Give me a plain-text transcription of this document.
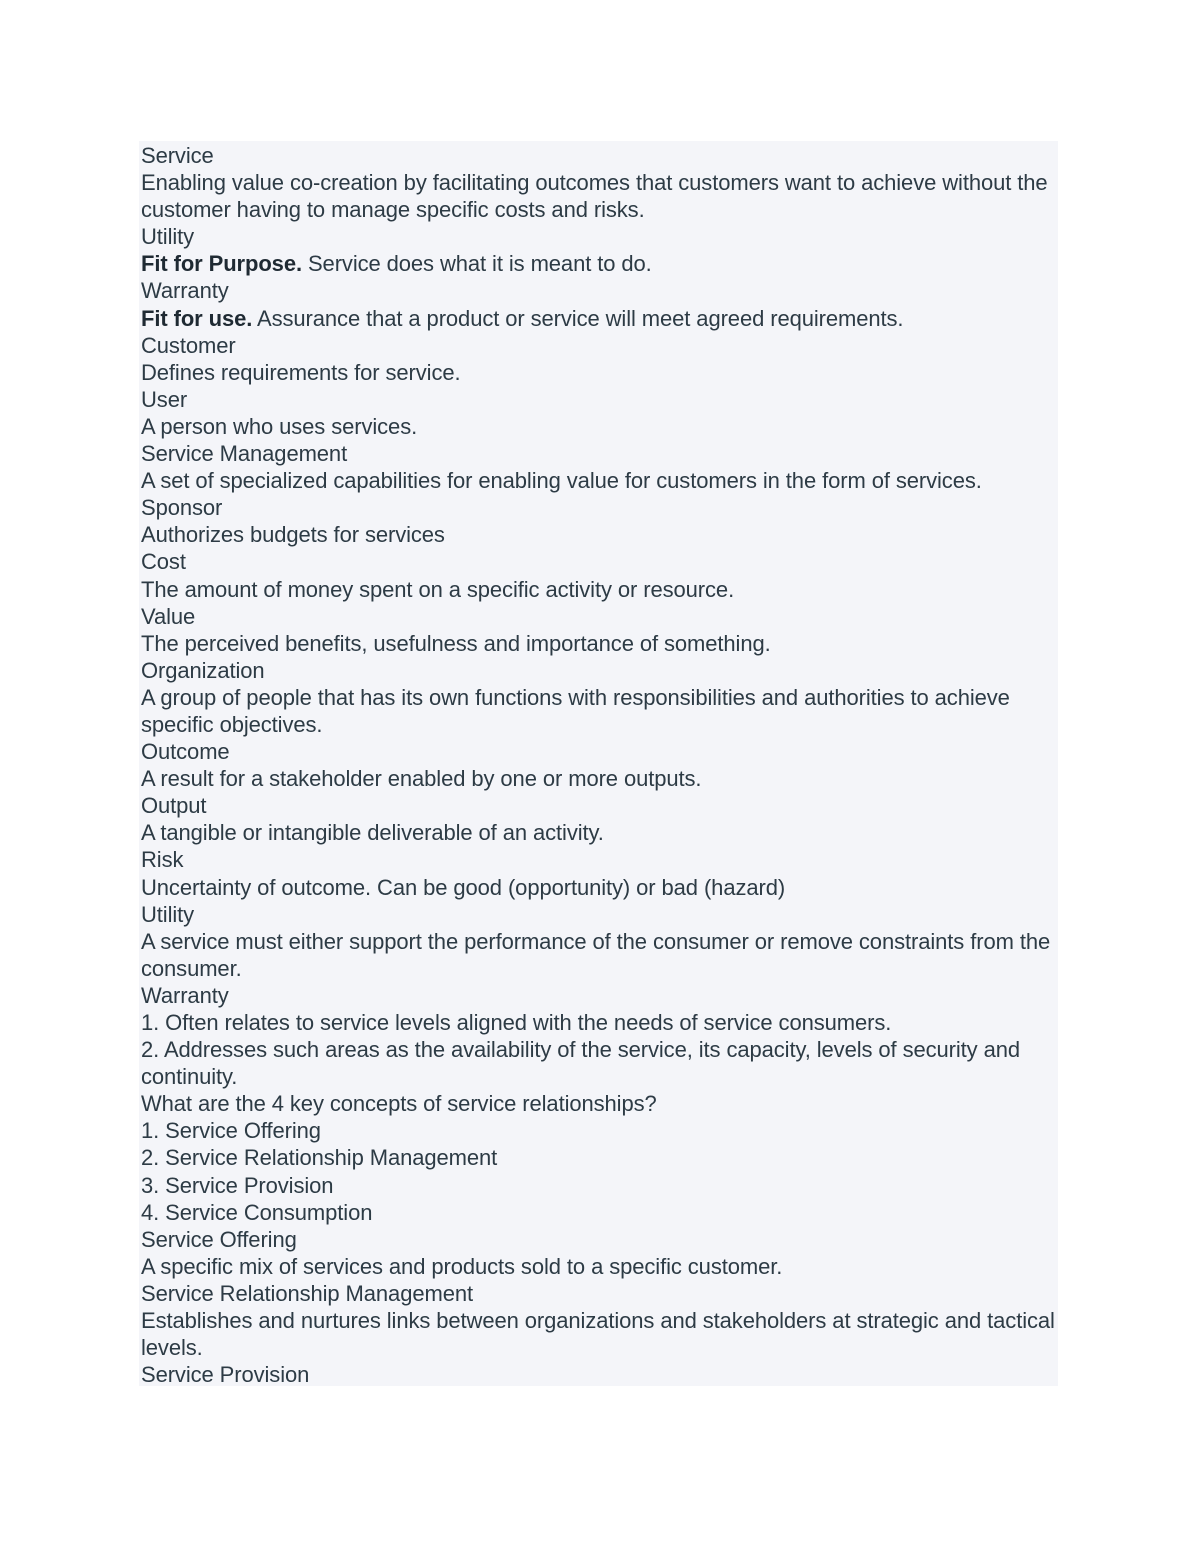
Service
Enabling value co-creation by facilitating outcomes that customers want to achieve without the customer having to manage specific costs and risks.
Utility
Fit for Purpose. Service does what it is meant to do.
Warranty
Fit for use. Assurance that a product or service will meet agreed requirements.
Customer
Defines requirements for service.
User
A person who uses services.
Service Management
A set of specialized capabilities for enabling value for customers in the form of services.
Sponsor
Authorizes budgets for services
Cost
The amount of money spent on a specific activity or resource.
Value
The perceived benefits, usefulness and importance of something.
Organization
A group of people that has its own functions with responsibilities and authorities to achieve specific objectives.
Outcome
A result for a stakeholder enabled by one or more outputs.
Output
A tangible or intangible deliverable of an activity.
Risk
Uncertainty of outcome. Can be good (opportunity) or bad (hazard)
Utility
A service must either support the performance of the consumer or remove constraints from the consumer.
Warranty
1. Often relates to service levels aligned with the needs of service consumers.
2. Addresses such areas as the availability of the service, its capacity, levels of security and continuity.
What are the 4 key concepts of service relationships?
1. Service Offering
2. Service Relationship Management
3. Service Provision
4. Service Consumption
Service Offering
A specific mix of services and products sold to a specific customer.
Service Relationship Management
Establishes and nurtures links between organizations and stakeholders at strategic and tactical levels.
Service Provision
